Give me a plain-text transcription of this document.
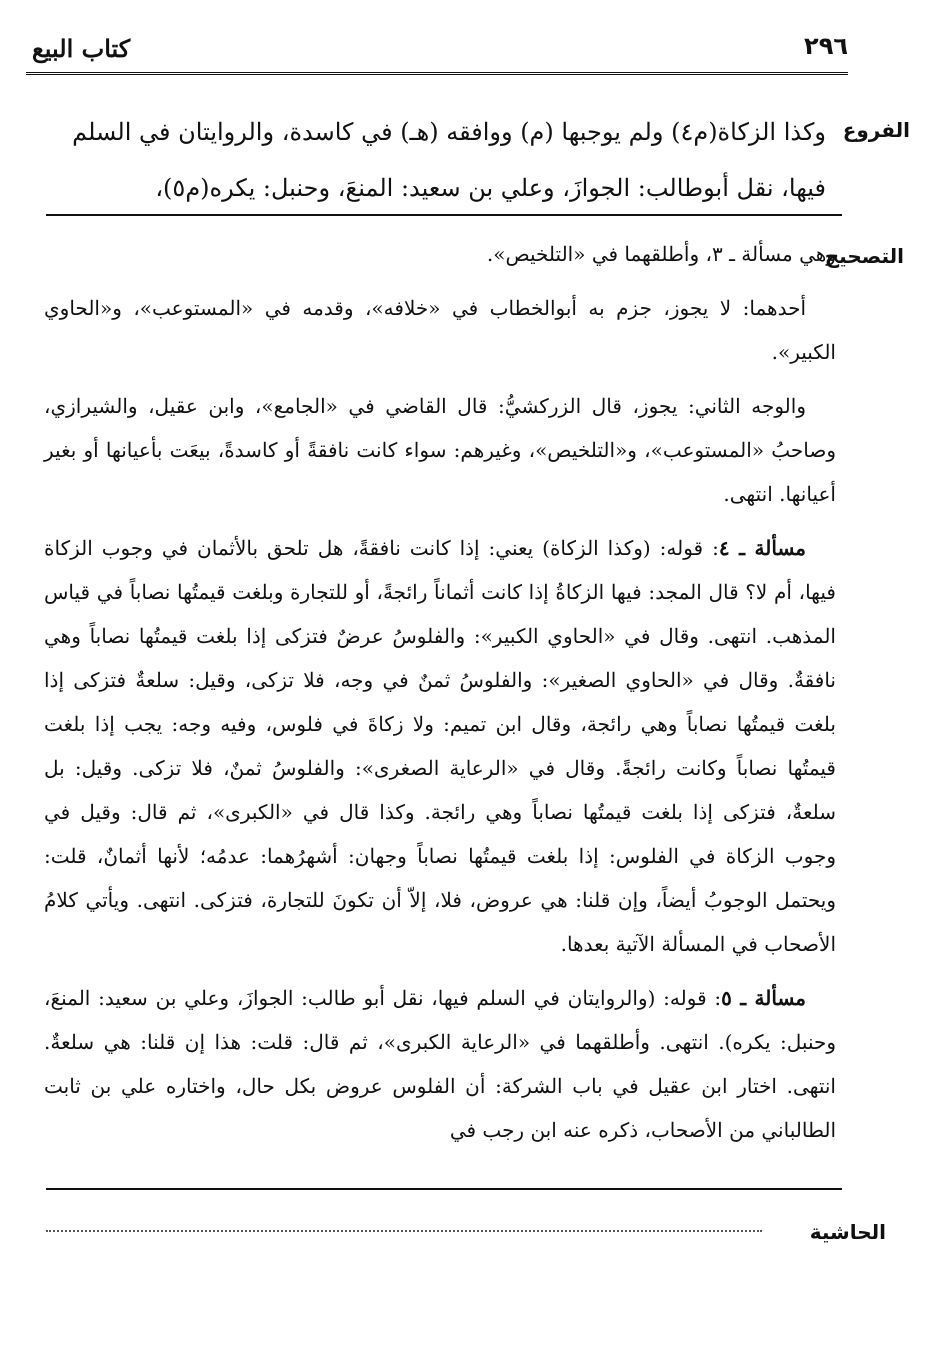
٢٩٦
كتاب البيع
الفروع

وكذا الزكاة(م٤) ولم يوجبها (م) ووافقه (هـ) في كاسدة، والروايتان في السلم

فيها، نقل أبوطالب: الجوازَ، وعلي بن سعيد: المنعَ، وحنبل: يكره(م٥)،

التصحيح

وهي مسألة ـ ٣، وأطلقهما في «التلخيص».

أحدهما: لا يجوز، جزم به أبوالخطاب في «خلافه»، وقدمه في «المستوعب»، و«الحاوي الكبير».

والوجه الثاني: يجوز، قال الزركشيُّ: قال القاضي في «الجامع»، وابن عقيل، والشيرازي، وصاحبُ «المستوعب»، و«التلخيص»، وغيرهم: سواء كانت نافقةً أو كاسدةً، بيعَت بأعيانها أو بغير أعيانها. انتهى.

مسألة ـ ٤: قوله: (وكذا الزكاة) يعني: إذا كانت نافقةً، هل تلحق بالأثمان في وجوب الزكاة فيها، أم لا؟ قال المجد: فيها الزكاةُ إذا كانت أثماناً رائجةً، أو للتجارة وبلغت قيمتُها نصاباً في قياس المذهب. انتهى. وقال في «الحاوي الكبير»: والفلوسُ عرضٌ فتزكى إذا بلغت قيمتُها نصاباً وهي نافقةٌ. وقال في «الحاوي الصغير»: والفلوسُ ثمنٌ في وجه، فلا تزكى، وقيل: سلعةٌ فتزكى إذا بلغت قيمتُها نصاباً وهي رائجة، وقال ابن تميم: ولا زكاةَ في فلوس، وفيه وجه: يجب إذا بلغت قيمتُها نصاباً وكانت رائجةً. وقال في «الرعاية الصغرى»: والفلوسُ ثمنٌ، فلا تزكى. وقيل: بل سلعةٌ، فتزكى إذا بلغت قيمتُها نصاباً وهي رائجة. وكذا قال في «الكبرى»، ثم قال: وقيل في وجوب الزكاة في الفلوس: إذا بلغت قيمتُها نصاباً وجهان: أشهرُهما: عدمُه؛ لأنها أثمانٌ، قلت: ويحتمل الوجوبُ أيضاً، وإن قلنا: هي عروض، فلا، إلاّ أن تكونَ للتجارة، فتزكى. انتهى. ويأتي كلامُ الأصحاب في المسألة الآتية بعدها.

مسألة ـ ٥: قوله: (والروايتان في السلم فيها، نقل أبو طالب: الجوازَ، وعلي بن سعيد: المنعَ، وحنبل: يكره). انتهى. وأطلقهما في «الرعاية الكبرى»، ثم قال: قلت: هذا إن قلنا: هي سلعةٌ. انتهى. اختار ابن عقيل في باب الشركة: أن الفلوس عروض بكل حال، واختاره علي بن ثابت الطالباني من الأصحاب، ذكره عنه ابن رجب في

الحاشية
